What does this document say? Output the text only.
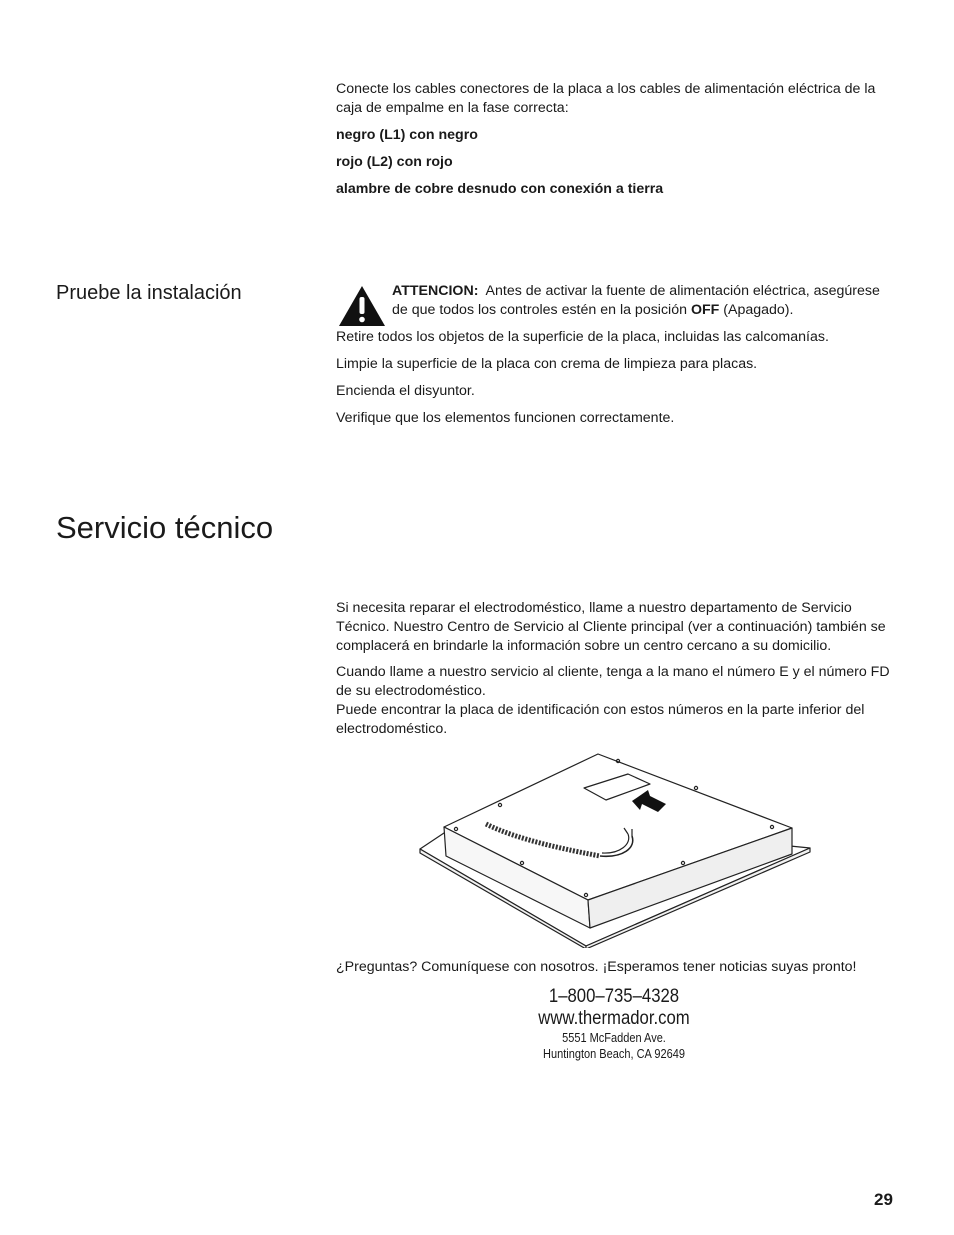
Conecte los cables conectores de la placa a los cables de alimentación eléctrica de la caja de empalme en la fase correcta:

negro (L1) con negro

rojo (L2) con rojo

alambre de cobre desnudo con conexión a tierra

Pruebe la instalación	ATTENCION: Antes de activar la fuente de alimentación eléctrica, asegúrese de que todos los controles estén en la posición OFF (Apagado).

Retire todos los objetos de la superficie de la placa, incluidas las calcomanías.

Limpie la superficie de la placa con crema de limpieza para placas.

Encienda el disyuntor.

Verifique que los elementos funcionen correctamente.

Servicio técnico

Si necesita reparar el electrodoméstico, llame a nuestro departamento de Servicio Técnico. Nuestro Centro de Servicio al Cliente principal (ver a continuación) también se complacerá en brindarle la información sobre un centro cercano a su domicilio.

Cuando llame a nuestro servicio al cliente, tenga a la mano el número E y el número FD de su electrodoméstico.

Puede encontrar la placa de identificación con estos números en la parte inferior del electrodoméstico.

¿Preguntas? Comuníquese con nosotros. ¡Esperamos tener noticias suyas pronto!

1–800–735–4328
www.thermador.com
5551 McFadden Ave.
Huntington Beach, CA 92649
29
